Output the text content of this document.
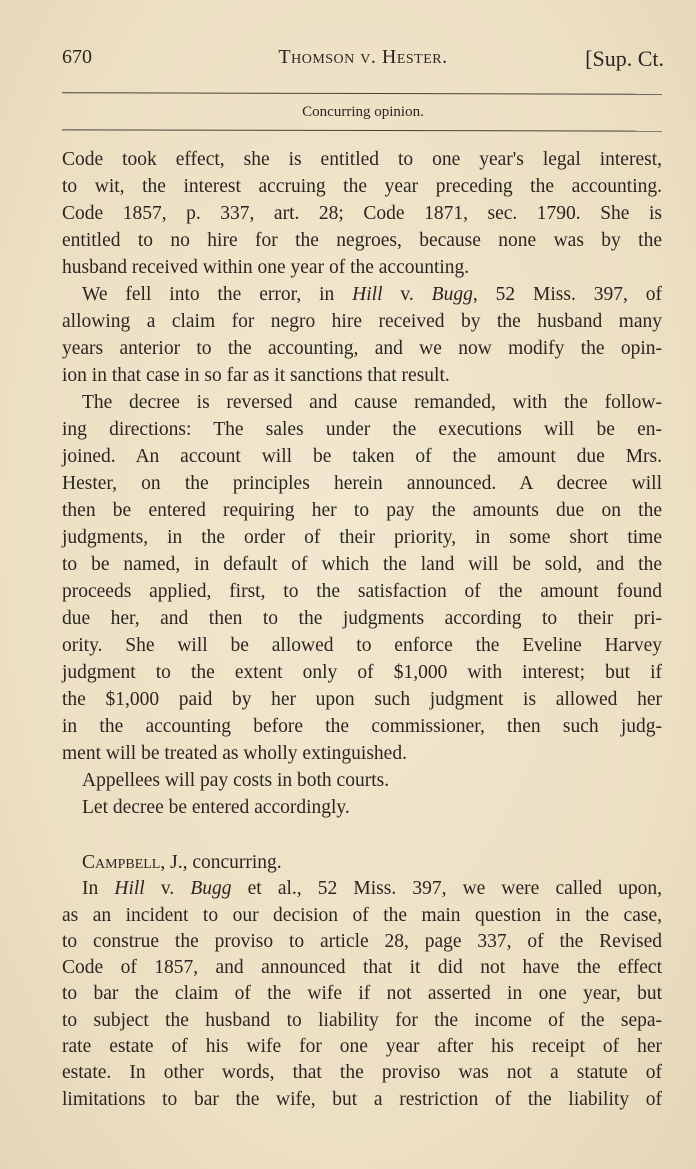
670	Thomson v. Hester.	[Sup. Ct.
Concurring opinion.
Code took effect, she is entitled to one year's legal interest,
to wit, the interest accruing the year preceding the accounting.
Code 1857, p. 337, art. 28; Code 1871, sec. 1790. She is
entitled to no hire for the negroes, because none was by the
husband received within one year of the accounting.
We fell into the error, in Hill v. Bugg, 52 Miss. 397, of
allowing a claim for negro hire received by the husband many
years anterior to the accounting, and we now modify the opin-
ion in that case in so far as it sanctions that result.
The decree is reversed and cause remanded, with the follow-
ing directions: The sales under the executions will be en-
joined. An account will be taken of the amount due Mrs.
Hester, on the principles herein announced. A decree will
then be entered requiring her to pay the amounts due on the
judgments, in the order of their priority, in some short time
to be named, in default of which the land will be sold, and the
proceeds applied, first, to the satisfaction of the amount found
due her, and then to the judgments according to their pri-
ority. She will be allowed to enforce the Eveline Harvey
judgment to the extent only of $1,000 with interest; but if
the $1,000 paid by her upon such judgment is allowed her
in the accounting before the commissioner, then such judg-
ment will be treated as wholly extinguished.
Appellees will pay costs in both courts.
Let decree be entered accordingly.
Campbell, J., concurring.
In Hill v. Bugg et al., 52 Miss. 397, we were called upon,
as an incident to our decision of the main question in the case,
to construe the proviso to article 28, page 337, of the Revised
Code of 1857, and announced that it did not have the effect
to bar the claim of the wife if not asserted in one year, but
to subject the husband to liability for the income of the sepa-
rate estate of his wife for one year after his receipt of her
estate. In other words, that the proviso was not a statute of
limitations to bar the wife, but a restriction of the liability of
